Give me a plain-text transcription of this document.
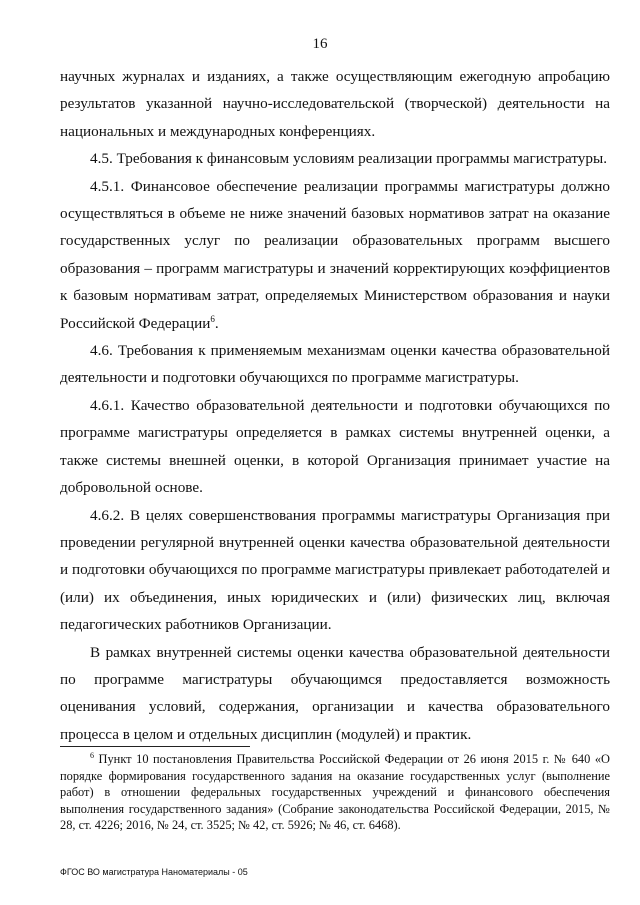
16

научных журналах и изданиях, а также осуществляющим ежегодную апробацию результатов указанной научно-исследовательской (творческой) деятельности на национальных и международных конференциях.

4.5. Требования к финансовым условиям реализации программы магистратуры.

4.5.1. Финансовое обеспечение реализации программы магистратуры должно осуществляться в объеме не ниже значений базовых нормативов затрат на оказание государственных услуг по реализации образовательных программ высшего образования – программ магистратуры и значений корректирующих коэффициентов к базовым нормативам затрат, определяемых Министерством образования и науки Российской Федерации$^6$.

4.6. Требования к применяемым механизмам оценки качества образовательной деятельности и подготовки обучающихся по программе магистратуры.

4.6.1. Качество образовательной деятельности и подготовки обучающихся по программе магистратуры определяется в рамках системы внутренней оценки, а также системы внешней оценки, в которой Организация принимает участие на добровольной основе.

4.6.2. В целях совершенствования программы магистратуры Организация при проведении регулярной внутренней оценки качества образовательной деятельности и подготовки обучающихся по программе магистратуры привлекает работодателей и (или) их объединения, иных юридических и (или) физических лиц, включая педагогических работников Организации.

В рамках внутренней системы оценки качества образовательной деятельности по программе магистратуры обучающимся предоставляется возможность оценивания условий, содержания, организации и качества образовательного процесса в целом и отдельных дисциплин (модулей) и практик.

$^6$ Пункт 10 постановления Правительства Российской Федерации от 26 июня 2015 г. № 640 «О порядке формирования государственного задания на оказание государственных услуг (выполнение работ) в отношении федеральных государственных учреждений и финансового обеспечения выполнения государственного задания» (Собрание законодательства Российской Федерации, 2015, № 28, ст. 4226; 2016, № 24, ст. 3525; № 42, ст. 5926; № 46, ст. 6468).

ФГОС ВО магистратура Наноматериалы - 05
